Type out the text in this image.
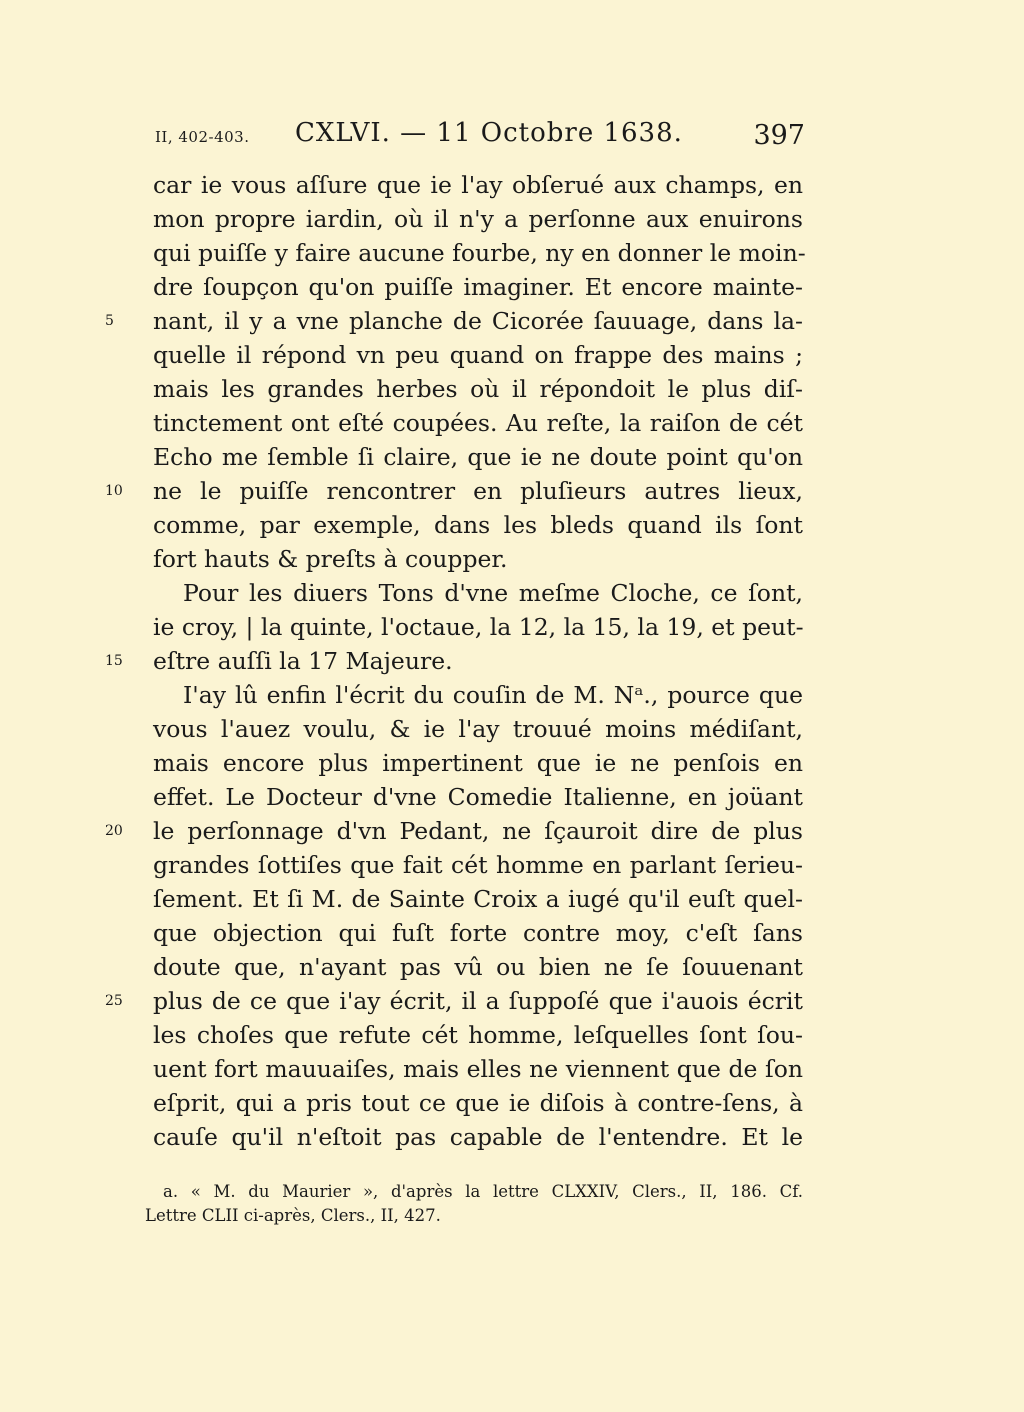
II, 402-403. CXLVI. — 11 Octobre 1638.	397
car ie vous aſſure que ie l'ay obſerué aux champs, en
mon propre iardin, où il n'y a perſonne aux enuirons
qui puiſſe y faire aucune fourbe, ny en donner le moin-
dre ſoupçon qu'on puiſſe imaginer. Et encore mainte-
5	nant, il y a vne planche de Cicorée ſauuage, dans la-
quelle il répond vn peu quand on frappe des mains ;
mais les grandes herbes où il répondoit le plus diſ-
tinctement ont eſté coupées. Au reſte, la raiſon de cét
Echo me ſemble ſi claire, que ie ne doute point qu'on
10	ne le puiſſe rencontrer en pluſieurs autres lieux,
comme, par exemple, dans les bleds quand ils ſont
fort hauts & preſts à coupper.
Pour les diuers Tons d'vne meſme Cloche, ce ſont,
ie croy, | la quinte, l'octaue, la 12, la 15, la 19, et peut-
15	eſtre auſſi la 17 Majeure.
I'ay lû enfin l'écrit du couſin de M. Nᵃ., pource que
vous l'auez voulu, & ie l'ay trouué moins médiſant,
mais encore plus impertinent que ie ne penſois en
effet. Le Docteur d'vne Comedie Italienne, en joüant
20	le perſonnage d'vn Pedant, ne ſçauroit dire de plus
grandes ſottiſes que fait cét homme en parlant ſerieu-
ſement. Et ſi M. de Sainte Croix a iugé qu'il euſt quel-
que objection qui fuſt forte contre moy, c'eſt ſans
doute que, n'ayant pas vû ou bien ne ſe ſouuenant
25	plus de ce que i'ay écrit, il a ſuppoſé que i'auois écrit
les choſes que refute cét homme, leſquelles ſont ſou-
uent fort mauuaiſes, mais elles ne viennent que de ſon
eſprit, qui a pris tout ce que ie diſois à contre-ſens, à
cauſe qu'il n'eſtoit pas capable de l'entendre. Et le
a. « M. du Maurier », d'après la lettre CLXXIV, Clers., II, 186. Cf.
Lettre CLII ci-après, Clers., II, 427.
